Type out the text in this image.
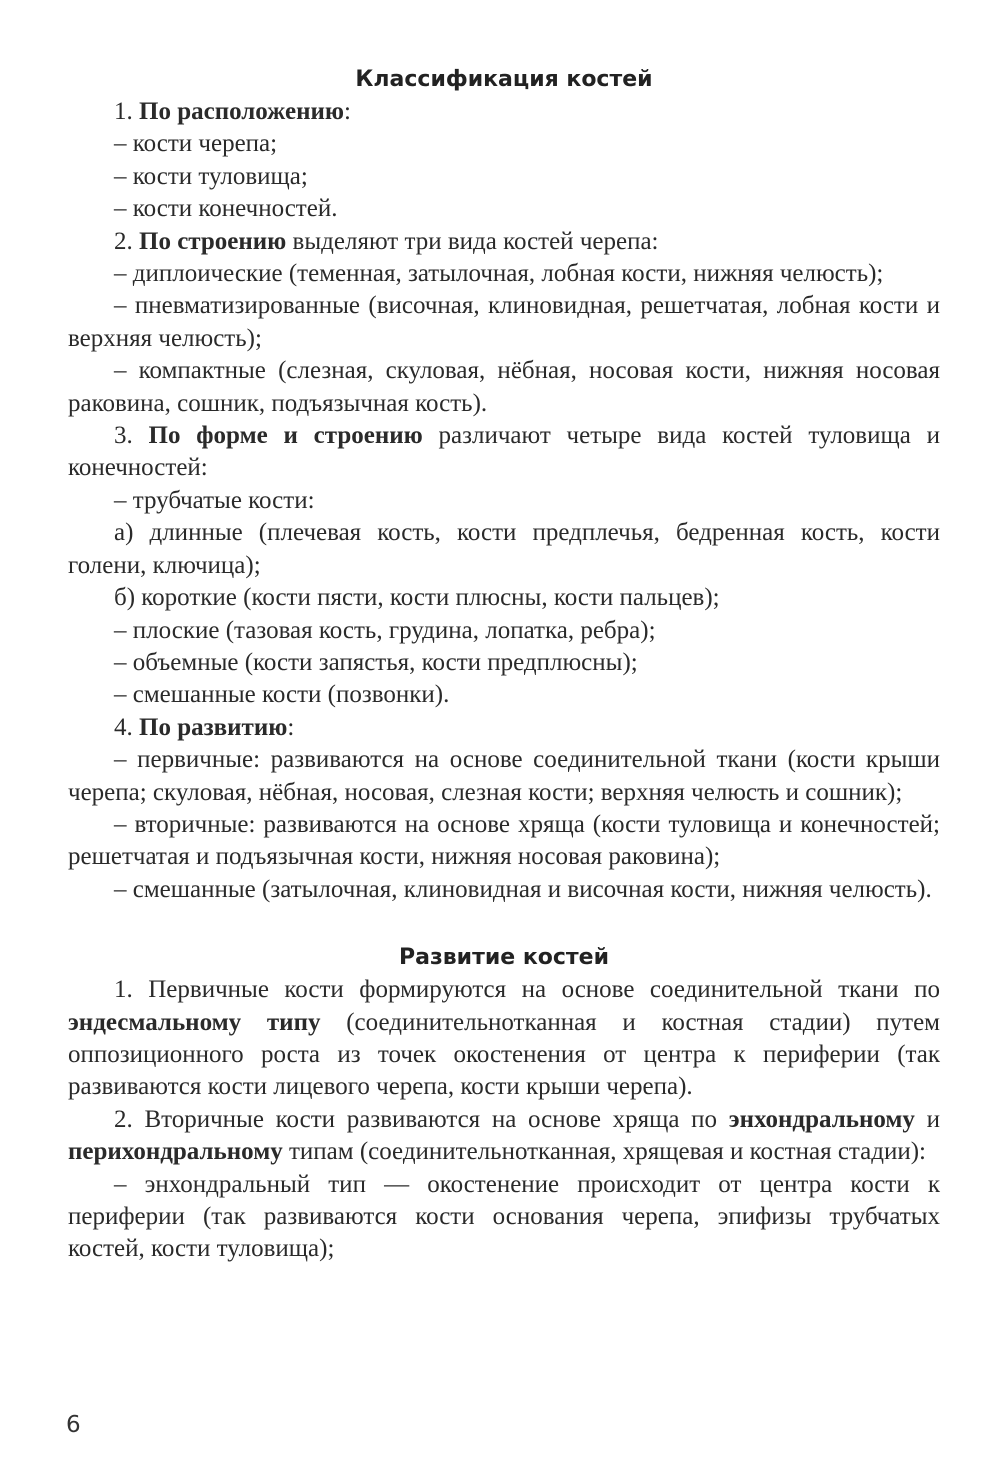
Классификация костей

1. По расположению:

– кости черепа;

– кости туловища;

– кости конечностей.

2. По строению выделяют три вида костей черепа:

– диплоические (теменная, затылочная, лобная кости, нижняя челюсть);

– пневматизированные (височная, клиновидная, решетчатая, лобная кости и верхняя челюсть);

– компактные (слезная, скуловая, нёбная, носовая кости, нижняя носовая раковина, сошник, подъязычная кость).

3. По форме и строению различают четыре вида костей туловища и конечностей:

– трубчатые кости:

а) длинные (плечевая кость, кости предплечья, бедренная кость, кости голени, ключица);

б) короткие (кости пясти, кости плюсны, кости пальцев);

– плоские (тазовая кость, грудина, лопатка, ребра);

– объемные (кости запястья, кости предплюсны);

– смешанные кости (позвонки).

4. По развитию:

– первичные: развиваются на основе соединительной ткани (кости крыши черепа; скуловая, нёбная, носовая, слезная кости; верхняя челюсть и сошник);

– вторичные: развиваются на основе хряща (кости туловища и конечностей; решетчатая и подъязычная кости, нижняя носовая раковина);

– смешанные (затылочная, клиновидная и височная кости, нижняя челюсть).

Развитие костей

1. Первичные кости формируются на основе соединительной ткани по эндесмальному типу (соединительнотканная и костная стадии) путем оппозиционного роста из точек окостенения от центра к периферии (так развиваются кости лицевого черепа, кости крыши черепа).

2. Вторичные кости развиваются на основе хряща по энхондральному и перихондральному типам (соединительнотканная, хрящевая и костная стадии):

– энхондральный тип — окостенение происходит от центра кости к периферии (так развиваются кости основания черепа, эпифизы трубчатых костей, кости туловища);

6
